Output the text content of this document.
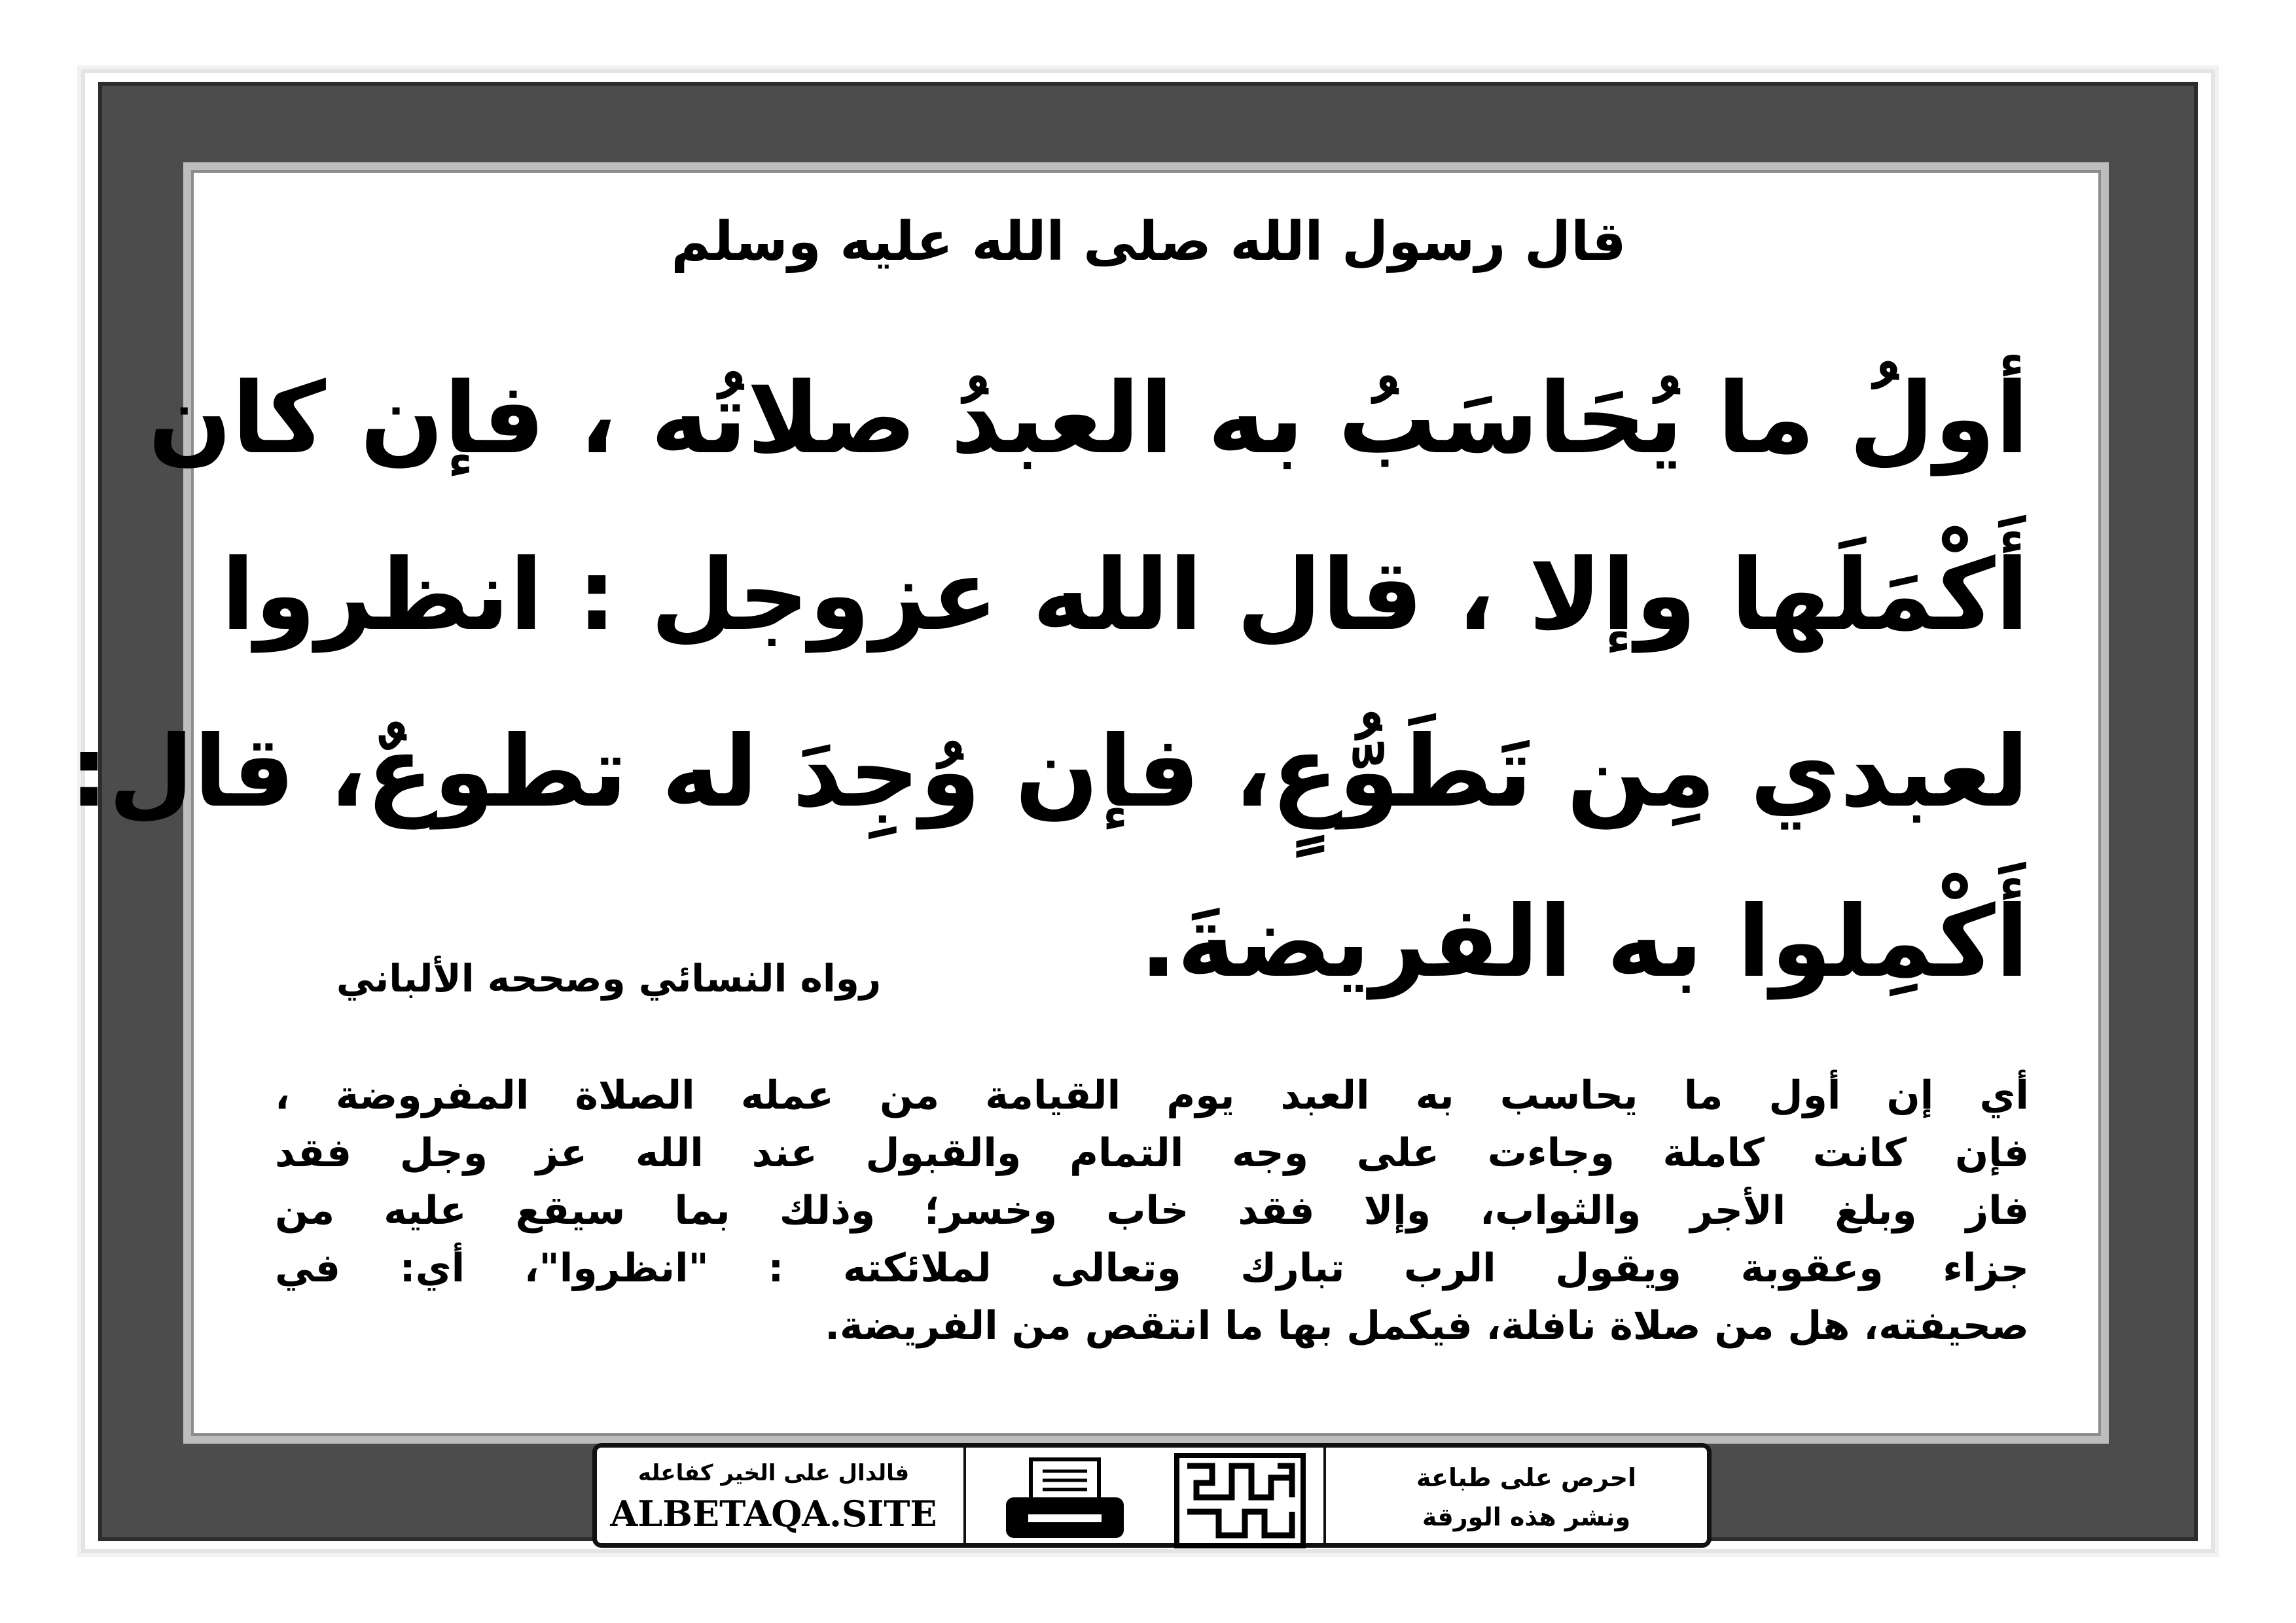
قال رسول الله صلى الله عليه وسلم
أولُ ما يُحَاسَبُ به العبدُ صلاتُه ، فإن كان
أَكْمَلَها وإلا ، قال الله عزوجل : انظروا
لعبدي مِن تَطَوُّعٍ، فإن وُجِدَ له تطوعٌ، قال:
أَكْمِلوا به الفريضةَ.
رواه النسائي وصححه الألباني
أي إن أول ما يحاسب به العبد يوم القيامة من عمله الصلاة المفروضة ،
فإن كانت كاملة وجاءت على وجه التمام والقبول عند الله عز وجل فقد
فاز وبلغ الأجر والثواب، وإلا فقد خاب وخسر؛ وذلك بما سيقع عليه من
جزاء وعقوبة ويقول الرب تبارك وتعالى لملائكته : "انظروا"، أي: في
صحيفته، هل من صلاة نافلة، فيكمل بها ما انتقص من الفريضة.
فالدال على الخير كفاعله
ALBETAQA.SITE
احرص على طباعة
ونشر هذه الورقة
